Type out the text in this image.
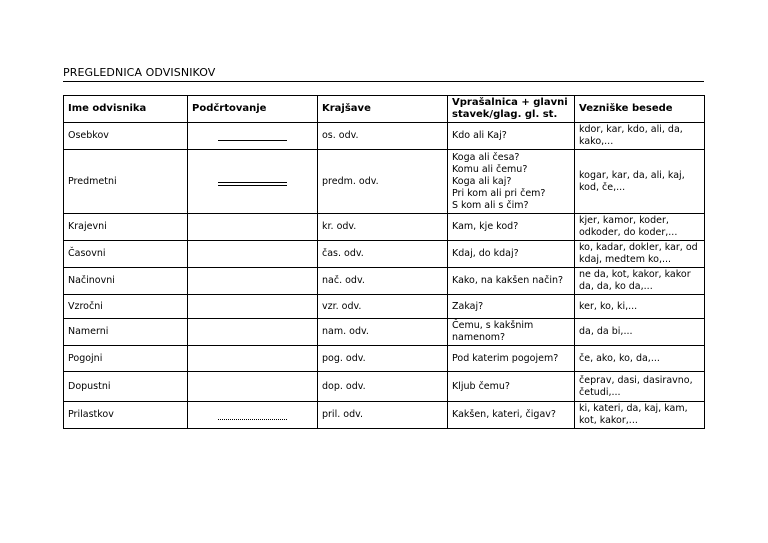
PREGLEDNICA ODVISNIKOV
Ime odvisnika	Podčrtovanje	Krajšave	Vprašalnica + glavni stavek/glag. gl. st.	Vezniške besede
Osebkov		os. odv.	Kdo ali Kaj?	kdor, kar, kdo, ali, da, kako,...
Predmetni		predm. odv.	Koga ali česa?
Komu ali čemu?
Koga ali kaj?
Pri kom ali pri čem?
S kom ali s čim?	kogar, kar, da, ali, kaj, kod, če,...
Krajevni		kr. odv.	Kam, kje kod?	kjer, kamor, koder, odkoder, do koder,...
Časovni		čas. odv.	Kdaj, do kdaj?	ko, kadar, dokler, kar, od kdaj, medtem ko,...
Načinovni		nač. odv.	Kako, na kakšen način?	ne da, kot, kakor, kakor da, da, ko da,...
Vzročni		vzr. odv.	Zakaj?	ker, ko, ki,...
Namerni		nam. odv.	Čemu, s kakšnim namenom?	da, da bi,...
Pogojni		pog. odv.	Pod katerim pogojem?	če, ako, ko, da,...
Dopustni		dop. odv.	Kljub čemu?	čeprav, dasi, dasiravno, četudi,...
Prilastkov		pril. odv.	Kakšen, kateri, čigav?	ki, kateri, da, kaj, kam, kot, kakor,...
